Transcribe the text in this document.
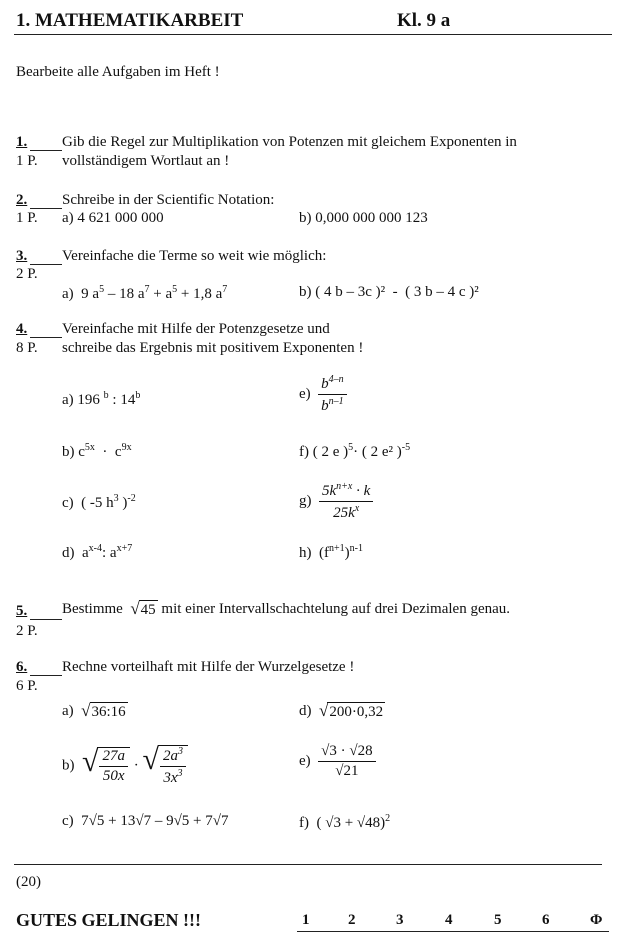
1. MATHEMATIKARBEIT	Kl. 9 a
Bearbeite alle Aufgaben im Heft !
1.
1 P.
Gib die Regel zur Multiplikation von Potenzen mit gleichem Exponenten in
vollständigem Wortlaut an !
2.
1 P.
Schreibe in der Scientific Notation:
a) 4 621 000 000	b) 0,000 000 000 123
3.
2 P.
Vereinfache die Terme so weit wie möglich:
a)  9 $a^5 - 18$ $a^7 + a^5 + 1,8$ $a^7$	b) ( 4 b – 3c )²  -  ( 3 b – 4 c )²
4.
8 P.
Vereinfache mit Hilfe der Potenzgesetze und
schreibe das Ergebnis mit positivem Exponenten !
a) 196 $^b$ : 14$^b$	$e) \frac{b^{4-n}}{b^{n-1}}$
b) $c^{5x} \cdot c^{9x}$	f) ( 2 e )$^5$· ( 2 e² )$^{-5}$
c)  ( -5 $h^3$ )$^{-2}$	$g) \frac{5k^{n+x} \cdot k}{25k^x}$
d)  $a^{x-4}$: $a^{x+7}$	h)  $(f^{n+1})^{n-1}$
5.
2 P.
Bestimme √ 45 mit einer Intervallschachtelung auf drei Dezimalen genau.
6.
6 P.
Rechne vorteilhaft mit Hilfe der Wurzelgesetze !
a) √ 36:16	d) √ 200·0,32
b) √ $\frac{27a}{50x}$ · √ $\frac{2a^3}{3x^3}$	$e) \frac{√3 \cdot √28}{√21}$
c)  7√5 + 13√7 – 9√5 + 7√7	f)  ( √3 + √48)$^2$
(20)
GUTES GELINGEN !!!	1	2	3	4	5	6	Φ
